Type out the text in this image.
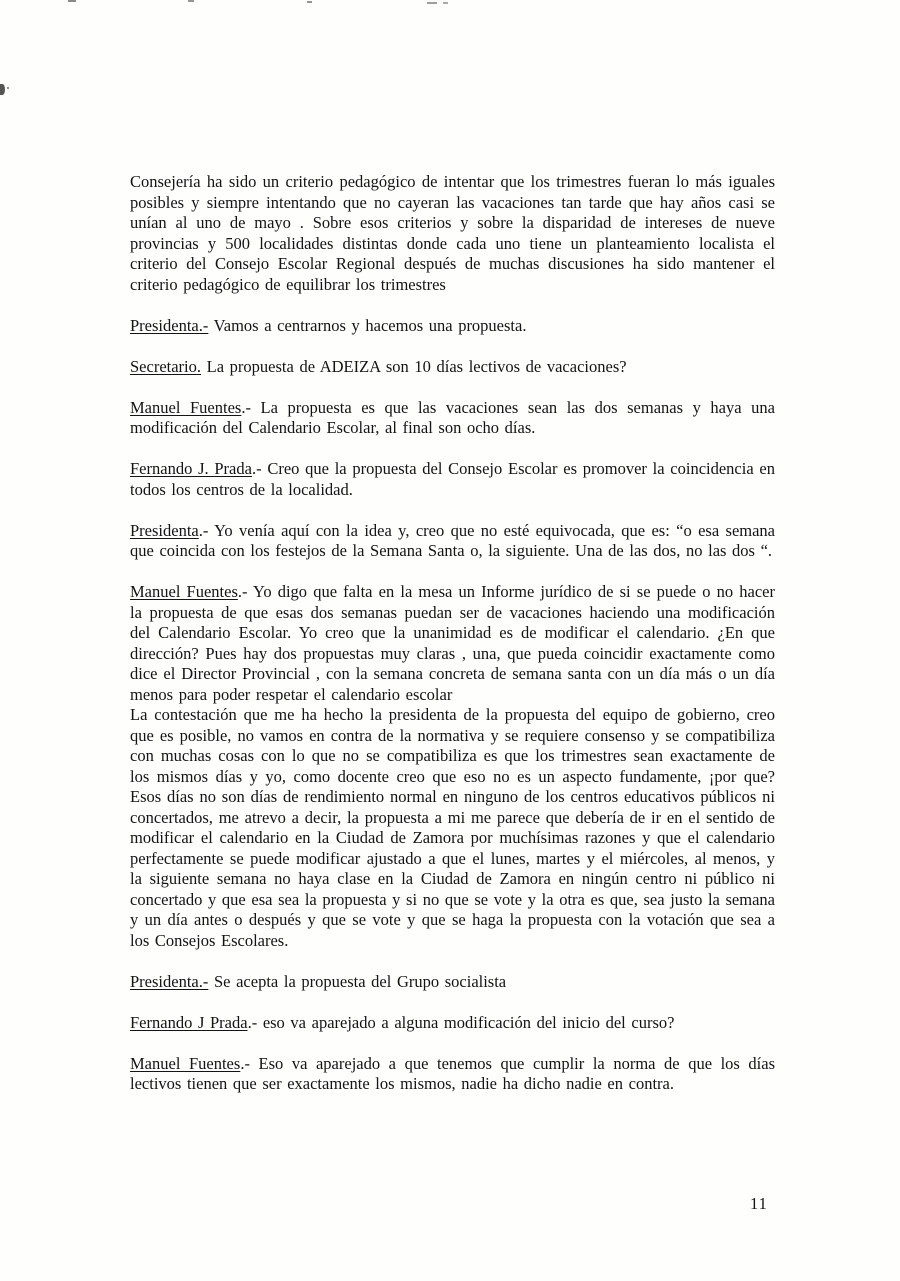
Consejería ha sido un criterio pedagógico de intentar que los trimestres fueran lo más iguales posibles y siempre intentando que no cayeran las vacaciones tan tarde que hay años casi se unían al uno de mayo . Sobre esos criterios y sobre la disparidad de intereses de nueve provincias y 500 localidades distintas donde cada uno tiene un planteamiento localista el criterio del Consejo Escolar Regional después de muchas discusiones ha sido mantener el criterio pedagógico de equilibrar los trimestres

Presidenta.- Vamos a centrarnos y hacemos una propuesta.

Secretario. La propuesta de ADEIZA son 10 días lectivos de vacaciones?

Manuel Fuentes.- La propuesta es que las vacaciones sean las dos semanas y haya una modificación del Calendario Escolar, al final son ocho días.

Fernando J. Prada.- Creo que la propuesta del Consejo Escolar es promover la coincidencia en todos los centros de la localidad.

Presidenta.- Yo venía aquí con la idea y, creo que no esté equivocada, que es: “o esa semana que coincida con los festejos de la Semana Santa o, la siguiente. Una de las dos, no las dos “.

Manuel Fuentes.- Yo digo que falta en la mesa un Informe jurídico de si se puede o no hacer la propuesta de que esas dos semanas puedan ser de vacaciones haciendo una modificación del Calendario Escolar. Yo creo que la unanimidad es de modificar el calendario. ¿En que dirección? Pues hay dos propuestas muy claras , una, que pueda coincidir exactamente como dice el Director Provincial , con la semana concreta de semana santa con un día más o un día menos para poder respetar el calendario escolar

La contestación que me ha hecho la presidenta de la propuesta del equipo de gobierno, creo que es posible, no vamos en contra de la normativa y se requiere consenso y se compatibiliza con muchas cosas con lo que no se compatibiliza es que los trimestres sean exactamente de los mismos días y yo, como docente creo que eso no es un aspecto fundamente, ¡por que? Esos días no son días de rendimiento normal en ninguno de los centros educativos públicos ni concertados, me atrevo a decir, la propuesta a mi me parece que debería de ir en el sentido de modificar el calendario en la Ciudad de Zamora por muchísimas razones y que el calendario perfectamente se puede modificar ajustado a que el lunes, martes y el miércoles, al menos, y la siguiente semana no haya clase en la Ciudad de Zamora en ningún centro ni público ni concertado y que esa sea la propuesta y si no que se vote y la otra es que, sea justo la semana y un día antes o después y que se vote y que se haga la propuesta con la votación que sea a los Consejos Escolares.

Presidenta.- Se acepta la propuesta del Grupo socialista

Fernando J Prada.- eso va aparejado a alguna modificación del inicio del curso?

Manuel Fuentes.- Eso va aparejado a que tenemos que cumplir la norma de que los días lectivos tienen que ser exactamente los mismos, nadie ha dicho nadie en contra.

11
